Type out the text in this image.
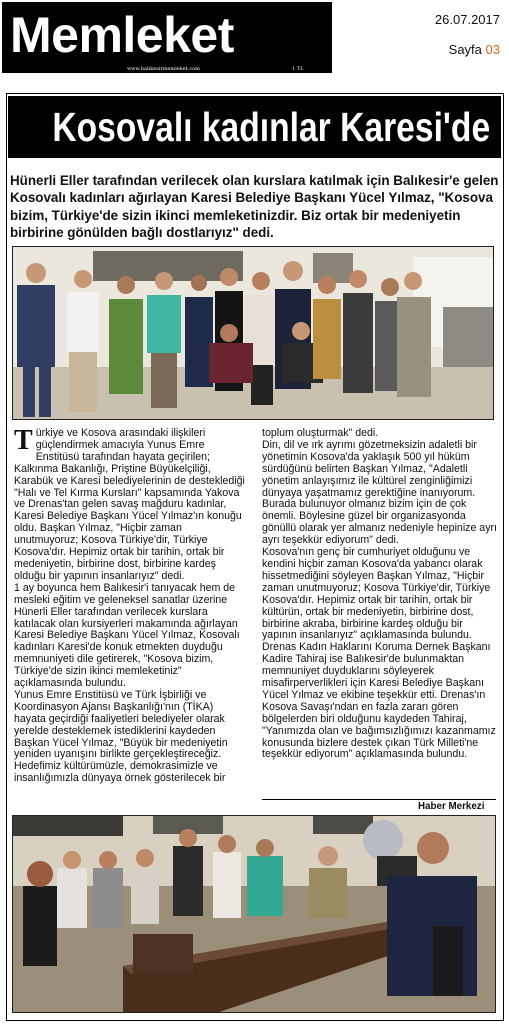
Memleket
www.balikesirmemleket.com	1 TL
26.07.2017
Sayfa 03
Kosovalı kadınlar Karesi'de

Hünerli Eller tarafından verilecek olan kurslara katılmak için Balıkesir'e gelen Kosovalı kadınları ağırlayan Karesi Belediye Başkanı Yücel Yılmaz, "Kosova bizim, Türkiye'de sizin ikinci memleketinizdir. Biz ortak bir medeniyetin birbirine gönülden bağlı dostlarıyız" dedi.

Türkiye ve Kosova arasındaki ilişkileri güçlendirmek amacıyla Yunus Emre Enstitüsü tarafından hayata geçirilen; Kalkınma Bakanlığı, Priştine Büyükelçiliği, Karabük ve Karesi belediyelerinin de desteklediği "Halı ve Tel Kırma Kursları" kapsamında Yakova ve Drenas'tan gelen savaş mağduru kadınlar, Karesi Belediye Başkanı Yücel Yılmaz'ın konuğu oldu. Başkan Yılmaz, "Hiçbir zaman unutmuyoruz; Kosova Türkiye'dir, Türkiye Kosova'dır. Hepimiz ortak bir tarihin, ortak bir medeniyetin, birbirine dost, birbirine kardeş olduğu bir yapının insanlarıyız" dedi.

1 ay boyunca hem Balıkesir'i tanıyacak hem de mesleki eğitim ve geleneksel sanatlar üzerine Hünerli Eller tarafından verilecek kurslara katılacak olan kursiyerleri makamında ağırlayan Karesi Belediye Başkanı Yücel Yılmaz, Kosovalı kadınları Karesi'de konuk etmekten duyduğu memnuniyeti dile getirerek, "Kosova bizim, Türkiye'de sizin ikinci memleketiniz" açıklamasında bulundu.

Yunus Emre Enstitüsü ve Türk İşbirliği ve Koordinasyon Ajansı Başkanlığı'nın (TİKA) hayata geçirdiği faaliyetleri belediyeler olarak yerelde desteklemek istediklerini kaydeden Başkan Yücel Yılmaz, "Büyük bir medeniyetin yeniden uyanışını birlikte gerçekleştireceğiz. Hedefimiz kültürümüzle, demokrasimizle ve insanlığımızla dünyaya örnek gösterilecek bir

toplum oluşturmak" dedi.

Din, dil ve ırk ayrımı gözetmeksizin adaletli bir yönetimin Kosova'da yaklaşık 500 yıl hüküm sürdüğünü belirten Başkan Yılmaz, "Adaletli yönetim anlayışımız ile kültürel zenginliğimizi dünyaya yaşatmamız gerektiğine inanıyorum. Burada bulunuyor olmanız bizim için de çok önemli. Böylesine güzel bir organizasyonda gönüllü olarak yer almanız nedeniyle hepinize ayrı ayrı teşekkür ediyorum" dedi.

Kosova'nın genç bir cumhuriyet olduğunu ve kendini hiçbir zaman Kosova'da yabancı olarak hissetmediğini söyleyen Başkan Yılmaz, "Hiçbir zaman unutmuyoruz; Kosova Türkiye'dir, Türkiye Kosova'dır. Hepimiz ortak bir tarihin, ortak bir kültürün, ortak bir medeniyetin, birbirine dost, birbirine akraba, birbirine kardeş olduğu bir yapının insanlarıyız" açıklamasında bulundu.

Drenas Kadın Haklarını Koruma Dernek Başkanı Kadire Tahiraj ise Balıkesir'de bulunmaktan memnuniyet duyduklarını söyleyerek misafirperverlikleri için Karesi Belediye Başkanı Yücel Yılmaz ve ekibine teşekkür etti. Drenas'ın Kosova Savaşı'ndan en fazla zararı gören bölgelerden biri olduğunu kaydeden Tahiraj, "Yanımızda olan ve bağımsızlığımızı kazanmamız konusunda bizlere destek çıkan Türk Milleti'ne teşekkür ediyorum" açıklamasında bulundu.

Haber Merkezi
